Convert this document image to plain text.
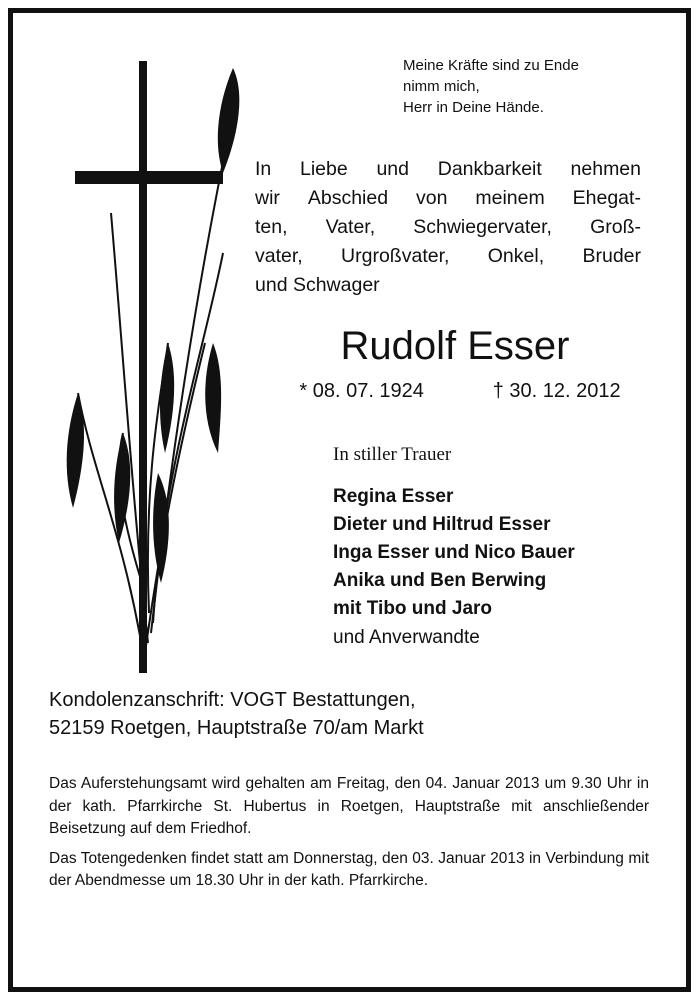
Meine Kräfte sind zu Ende
nimm mich,
Herr in Deine Hände.
In Liebe und Dankbarkeit nehmen
wir Abschied von meinem Ehegat-
ten, Vater, Schwiegervater, Groß-
vater, Urgroßvater, Onkel, Bruder
und Schwager
Rudolf Esser
* 08. 07. 1924	† 30. 12. 2012
In stiller Trauer
Regina Esser
Dieter und Hiltrud Esser
Inga Esser und Nico Bauer
Anika und Ben Berwing
mit Tibo und Jaro
und Anverwandte
Kondolenzanschrift: VOGT Bestattungen,
52159 Roetgen, Hauptstraße 70/am Markt

Das Auferstehungsamt wird gehalten am Freitag, den 04. Januar 2013 um 9.30 Uhr in der kath. Pfarrkirche St. Hubertus in Roetgen, Hauptstraße mit anschließender Beisetzung auf dem Friedhof.

Das Totengedenken findet statt am Donnerstag, den 03. Januar 2013 in Verbindung mit der Abendmesse um 18.30 Uhr in der kath. Pfarrkirche.
